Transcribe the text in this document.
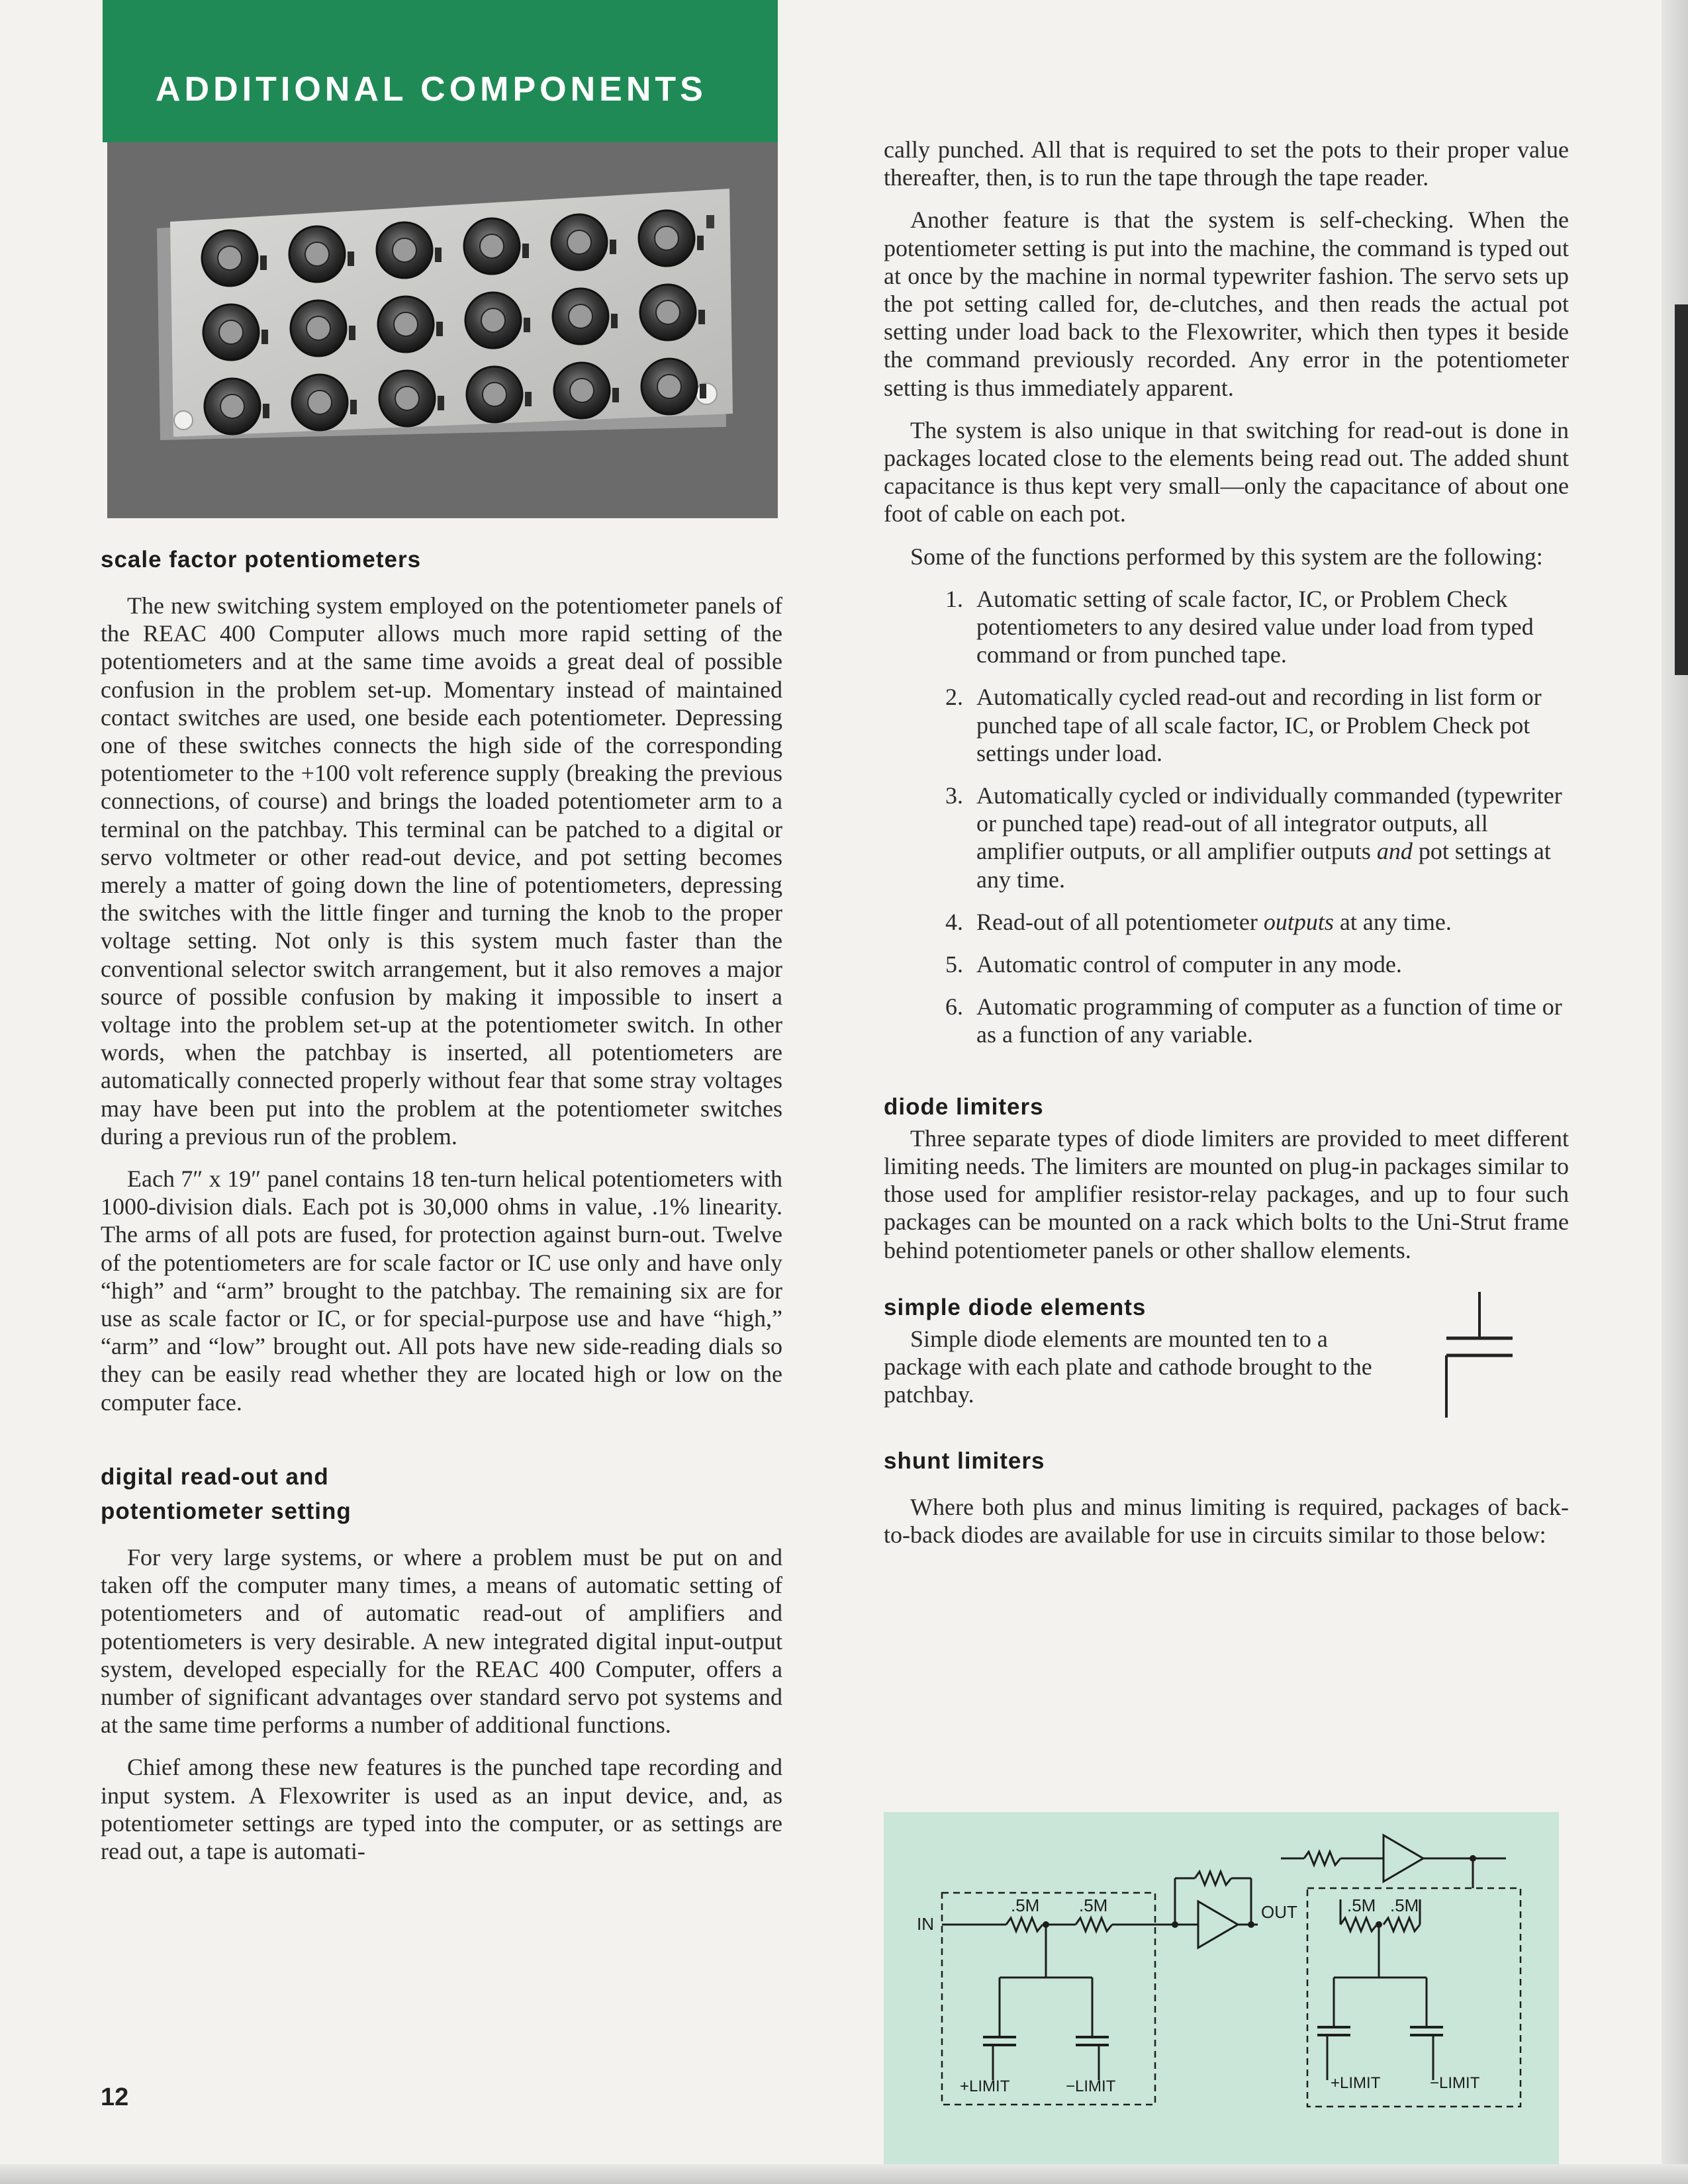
ADDITIONAL COMPONENTS
scale factor potentiometers

The new switching system employed on the potentiometer panels of the REAC 400 Computer allows much more rapid setting of the potentiometers and at the same time avoids a great deal of possible confusion in the problem set-up. Momentary instead of maintained contact switches are used, one beside each potentiometer. Depressing one of these switches connects the high side of the corresponding potentiometer to the +100 volt reference supply (breaking the previous connections, of course) and brings the loaded potentiometer arm to a terminal on the patchbay. This terminal can be patched to a digital or servo voltmeter or other read-out device, and pot setting becomes merely a matter of going down the line of potentiometers, depressing the switches with the little finger and turning the knob to the proper voltage setting. Not only is this system much faster than the conventional selector switch arrangement, but it also removes a major source of possible confusion by making it impossible to insert a voltage into the problem set-up at the potentiometer switch. In other words, when the patchbay is inserted, all potentiometers are automatically connected properly without fear that some stray voltages may have been put into the problem at the potentiometer switches during a previous run of the problem.

Each 7″ x 19″ panel contains 18 ten-turn helical potentiometers with 1000-division dials. Each pot is 30,000 ohms in value, .1% linearity. The arms of all pots are fused, for protection against burn-out. Twelve of the potentiometers are for scale factor or IC use only and have only “high” and “arm” brought to the patchbay. The remaining six are for use as scale factor or IC, or for special-purpose use and have “high,” “arm” and “low” brought out. All pots have new side-reading dials so they can be easily read whether they are located high or low on the computer face.

digital read-out and
potentiometer setting

For very large systems, or where a problem must be put on and taken off the computer many times, a means of automatic setting of potentiometers and of automatic read-out of amplifiers and potentiometers is very desirable. A new integrated digital input-output system, developed especially for the REAC 400 Computer, offers a number of significant advantages over standard servo pot systems and at the same time performs a number of additional functions.

Chief among these new features is the punched tape recording and input system. A Flexowriter is used as an input device, and, as potentiometer settings are typed into the computer, or as settings are read out, a tape is automati-

cally punched. All that is required to set the pots to their proper value thereafter, then, is to run the tape through the tape reader.

Another feature is that the system is self-checking. When the potentiometer setting is put into the machine, the command is typed out at once by the machine in normal typewriter fashion. The servo sets up the pot setting called for, de-clutches, and then reads the actual pot setting under load back to the Flexowriter, which then types it beside the command previously recorded. Any error in the potentiometer setting is thus immediately apparent.

The system is also unique in that switching for read-out is done in packages located close to the elements being read out. The added shunt capacitance is thus kept very small—only the capacitance of about one foot of cable on each pot.

Some of the functions performed by this system are the following:

1. Automatic setting of scale factor, IC, or Problem Check potentiometers to any desired value under load from typed command or from punched tape.
2. Automatically cycled read-out and recording in list form or punched tape of all scale factor, IC, or Problem Check pot settings under load.
3. Automatically cycled or individually commanded (typewriter or punched tape) read-out of all integrator outputs, all amplifier outputs, or all amplifier outputs and pot settings at any time.
4. Read-out of all potentiometer outputs at any time.
5. Automatic control of computer in any mode.
6. Automatic programming of computer as a function of time or as a function of any variable.
diode limiters

Three separate types of diode limiters are provided to meet different limiting needs. The limiters are mounted on plug-in packages similar to those used for amplifier resistor-relay packages, and up to four such packages can be mounted on a rack which bolts to the Uni-Strut frame behind potentiometer panels or other shallow elements.

simple diode elements

Simple diode elements are mounted ten to a package with each plate and cathode brought to the patchbay.

shunt limiters

Where both plus and minus limiting is required, packages of back-to-back diodes are available for use in circuits similar to those below:

IN
OUT
.5M .5M	.5M .5M
+LIMIT	−LIMIT	+LIMIT	−LIMIT
12
